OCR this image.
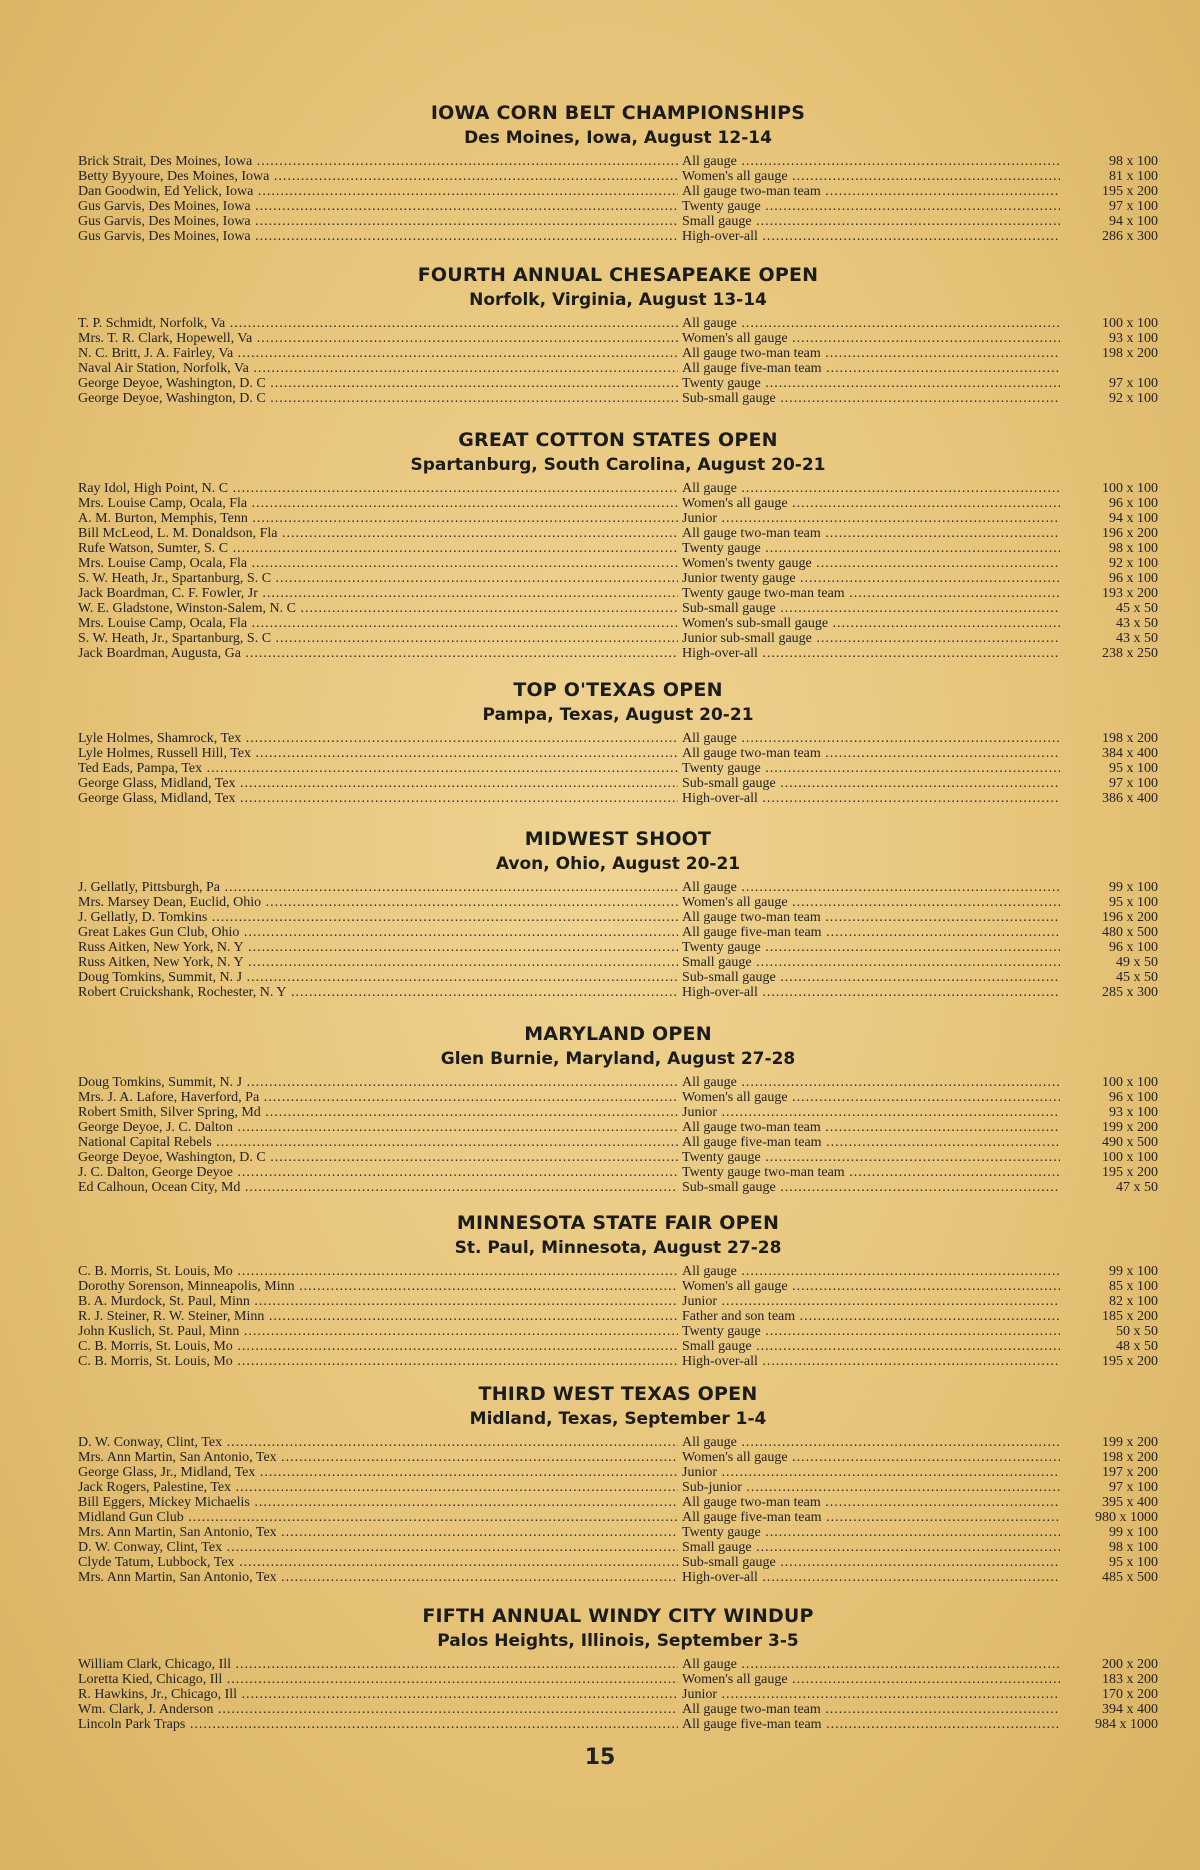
IOWA CORN BELT CHAMPIONSHIPS
Des Moines, Iowa, August 12-14
Brick Strait, Des Moines, Iowa .....	All gauge .....	98 x 100
Betty Byyoure, Des Moines, Iowa .....	Women's all gauge .....	81 x 100
Dan Goodwin, Ed Yelick, Iowa .....	All gauge two-man team .....	195 x 200
Gus Garvis, Des Moines, Iowa .....	Twenty gauge .....	97 x 100
Gus Garvis, Des Moines, Iowa .....	Small gauge .....	94 x 100
Gus Garvis, Des Moines, Iowa .....	High-over-all .....	286 x 300
FOURTH ANNUAL CHESAPEAKE OPEN
Norfolk, Virginia, August 13-14
T. P. Schmidt, Norfolk, Va .....	All gauge .....	100 x 100
Mrs. T. R. Clark, Hopewell, Va .....	Women's all gauge .....	93 x 100
N. C. Britt, J. A. Fairley, Va .....	All gauge two-man team .....	198 x 200
Naval Air Station, Norfolk, Va .....	All gauge five-man team .....
George Deyoe, Washington, D. C .....	Twenty gauge .....	97 x 100
George Deyoe, Washington, D. C .....	Sub-small gauge .....	92 x 100
GREAT COTTON STATES OPEN
Spartanburg, South Carolina, August 20-21
Ray Idol, High Point, N. C .....	All gauge .....	100 x 100
Mrs. Louise Camp, Ocala, Fla .....	Women's all gauge .....	96 x 100
A. M. Burton, Memphis, Tenn .....	Junior .....	94 x 100
Bill McLeod, L. M. Donaldson, Fla .....	All gauge two-man team .....	196 x 200
Rufe Watson, Sumter, S. C .....	Twenty gauge .....	98 x 100
Mrs. Louise Camp, Ocala, Fla .....	Women's twenty gauge .....	92 x 100
S. W. Heath, Jr., Spartanburg, S. C .....	Junior twenty gauge .....	96 x 100
Jack Boardman, C. F. Fowler, Jr .....	Twenty gauge two-man team .....	193 x 200
W. E. Gladstone, Winston-Salem, N. C .....	Sub-small gauge .....	45 x 50
Mrs. Louise Camp, Ocala, Fla .....	Women's sub-small gauge .....	43 x 50
S. W. Heath, Jr., Spartanburg, S. C .....	Junior sub-small gauge .....	43 x 50
Jack Boardman, Augusta, Ga .....	High-over-all .....	238 x 250
TOP O'TEXAS OPEN
Pampa, Texas, August 20-21
Lyle Holmes, Shamrock, Tex .....	All gauge .....	198 x 200
Lyle Holmes, Russell Hill, Tex .....	All gauge two-man team .....	384 x 400
Ted Eads, Pampa, Tex .....	Twenty gauge .....	95 x 100
George Glass, Midland, Tex .....	Sub-small gauge .....	97 x 100
George Glass, Midland, Tex .....	High-over-all .....	386 x 400
MIDWEST SHOOT
Avon, Ohio, August 20-21
J. Gellatly, Pittsburgh, Pa .....	All gauge .....	99 x 100
Mrs. Marsey Dean, Euclid, Ohio .....	Women's all gauge .....	95 x 100
J. Gellatly, D. Tomkins .....	All gauge two-man team .....	196 x 200
Great Lakes Gun Club, Ohio .....	All gauge five-man team .....	480 x 500
Russ Aitken, New York, N. Y .....	Twenty gauge .....	96 x 100
Russ Aitken, New York, N. Y .....	Small gauge .....	49 x 50
Doug Tomkins, Summit, N. J .....	Sub-small gauge .....	45 x 50
Robert Cruickshank, Rochester, N. Y .....	High-over-all .....	285 x 300
MARYLAND OPEN
Glen Burnie, Maryland, August 27-28
Doug Tomkins, Summit, N. J .....	All gauge .....	100 x 100
Mrs. J. A. Lafore, Haverford, Pa .....	Women's all gauge .....	96 x 100
Robert Smith, Silver Spring, Md .....	Junior .....	93 x 100
George Deyoe, J. C. Dalton .....	All gauge two-man team .....	199 x 200
National Capital Rebels .....	All gauge five-man team .....	490 x 500
George Deyoe, Washington, D. C .....	Twenty gauge .....	100 x 100
J. C. Dalton, George Deyoe .....	Twenty gauge two-man team .....	195 x 200
Ed Calhoun, Ocean City, Md .....	Sub-small gauge .....	47 x 50
MINNESOTA STATE FAIR OPEN
St. Paul, Minnesota, August 27-28
C. B. Morris, St. Louis, Mo .....	All gauge .....	99 x 100
Dorothy Sorenson, Minneapolis, Minn .....	Women's all gauge .....	85 x 100
B. A. Murdock, St. Paul, Minn .....	Junior .....	82 x 100
R. J. Steiner, R. W. Steiner, Minn .....	Father and son team .....	185 x 200
John Kuslich, St. Paul, Minn .....	Twenty gauge .....	50 x 50
C. B. Morris, St. Louis, Mo .....	Small gauge .....	48 x 50
C. B. Morris, St. Louis, Mo .....	High-over-all .....	195 x 200
THIRD WEST TEXAS OPEN
Midland, Texas, September 1-4
D. W. Conway, Clint, Tex .....	All gauge .....	199 x 200
Mrs. Ann Martin, San Antonio, Tex .....	Women's all gauge .....	198 x 200
George Glass, Jr., Midland, Tex .....	Junior .....	197 x 200
Jack Rogers, Palestine, Tex .....	Sub-junior .....	97 x 100
Bill Eggers, Mickey Michaelis .....	All gauge two-man team .....	395 x 400
Midland Gun Club .....	All gauge five-man team .....	980 x 1000
Mrs. Ann Martin, San Antonio, Tex .....	Twenty gauge .....	99 x 100
D. W. Conway, Clint, Tex .....	Small gauge .....	98 x 100
Clyde Tatum, Lubbock, Tex .....	Sub-small gauge .....	95 x 100
Mrs. Ann Martin, San Antonio, Tex .....	High-over-all .....	485 x 500
FIFTH ANNUAL WINDY CITY WINDUP
Palos Heights, Illinois, September 3-5
William Clark, Chicago, Ill .....	All gauge .....	200 x 200
Loretta Kied, Chicago, Ill .....	Women's all gauge .....	183 x 200
R. Hawkins, Jr., Chicago, Ill .....	Junior .....	170 x 200
Wm. Clark, J. Anderson .....	All gauge two-man team .....	394 x 400
Lincoln Park Traps .....	All gauge five-man team .....	984 x 1000
15
